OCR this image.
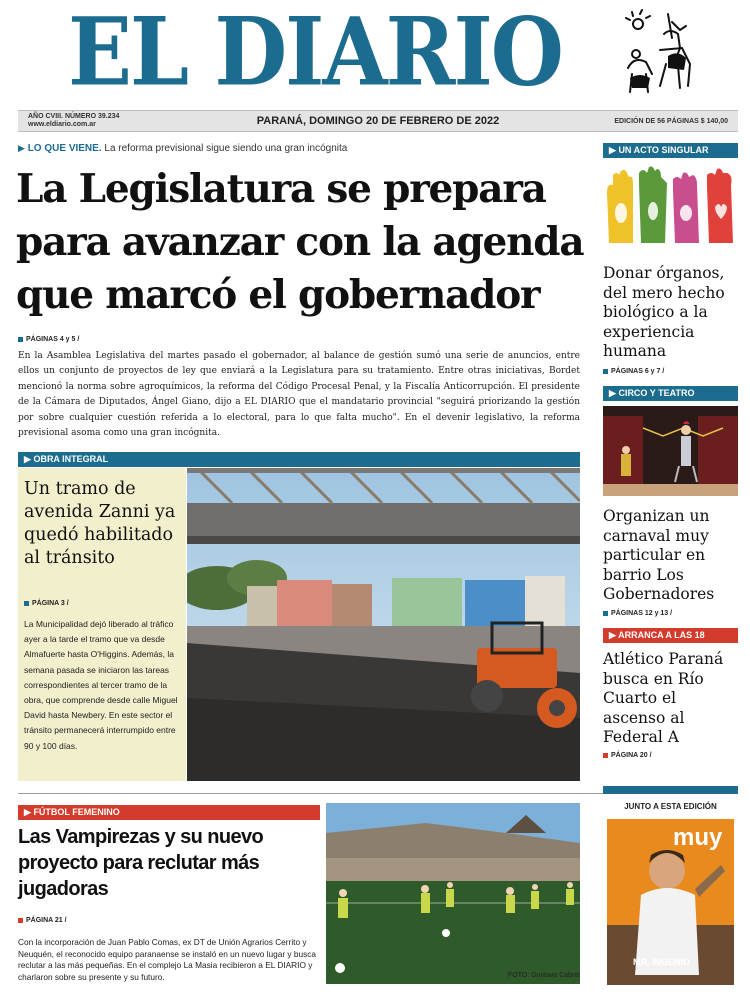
EL DIARIO
AÑO CVIII. NÚMERO 39.234
www.eldiario.com.ar	PARANÁ, DOMINGO 20 DE FEBRERO DE 2022	EDICIÓN DE 56 PÁGINAS $ 140,00
▶ LO QUE VIENE. La reforma previsional sigue siendo una gran incógnita
La Legislatura se prepara
para avanzar con la agenda
que marcó el gobernador
PÁGINAS 4 y 5 /
En la Asamblea Legislativa del martes pasado el gobernador, al balance de gestión sumó una serie de anuncios, entre ellos un conjunto de proyectos de ley que enviará a la Legislatura para su tratamiento. Entre otras iniciativas, Bordet mencionó la norma sobre agroquímicos, la reforma del Código Procesal Penal, y la Fiscalía Anticorrupción. El presidente de la Cámara de Diputados, Ángel Giano, dijo a EL DIARIO que el mandatario provincial "seguirá priorizando la gestión por sobre cualquier cuestión referida a lo electoral, para lo que falta mucho". En el devenir legislativo, la reforma previsional asoma como una gran incógnita.
▶ OBRA INTEGRAL
Un tramo de avenida Zanni ya quedó habilitado al tránsito
PÁGINA 3 /
La Municipalidad dejó liberado al tráfico ayer a la tarde el tramo que va desde Almafuerte hasta O'Higgins. Además, la semana pasada se iniciaron las tareas correspondientes al tercer tramo de la obra, que comprende desde calle Miguel David hasta Newbery. En este sector el tránsito permanecerá interrumpido entre 90 y 100 días.
▶ FÚTBOL FEMENINO
Las Vampirezas y su nuevo proyecto para reclutar más jugadoras
PÁGINA 21 /
Con la incorporación de Juan Pablo Comas, ex DT de Unión Agrarios Cerrito y Neuquén, el reconocido equipo paranaense se instaló en un nuevo lugar y busca reclutar a las más pequeñas. En el complejo La Masia recibieron a EL DIARIO y charlaron sobre su presente y su futuro.	FOTO: Gustavo Cabral
▶ UN ACTO SINGULAR
Donar órganos, del mero hecho biológico a la experiencia humana
PÁGINAS 6 y 7 /
▶ CIRCO Y TEATRO
Organizan un carnaval muy particular en barrio Los Gobernadores
PÁGINAS 12 y 13 /
▶ ARRANCA A LAS 18
Atlético Paraná busca en Río Cuarto el ascenso al Federal A
PÁGINA 20 /
JUNTO A ESTA EDICIÓN
muy
MR. INGENIO
